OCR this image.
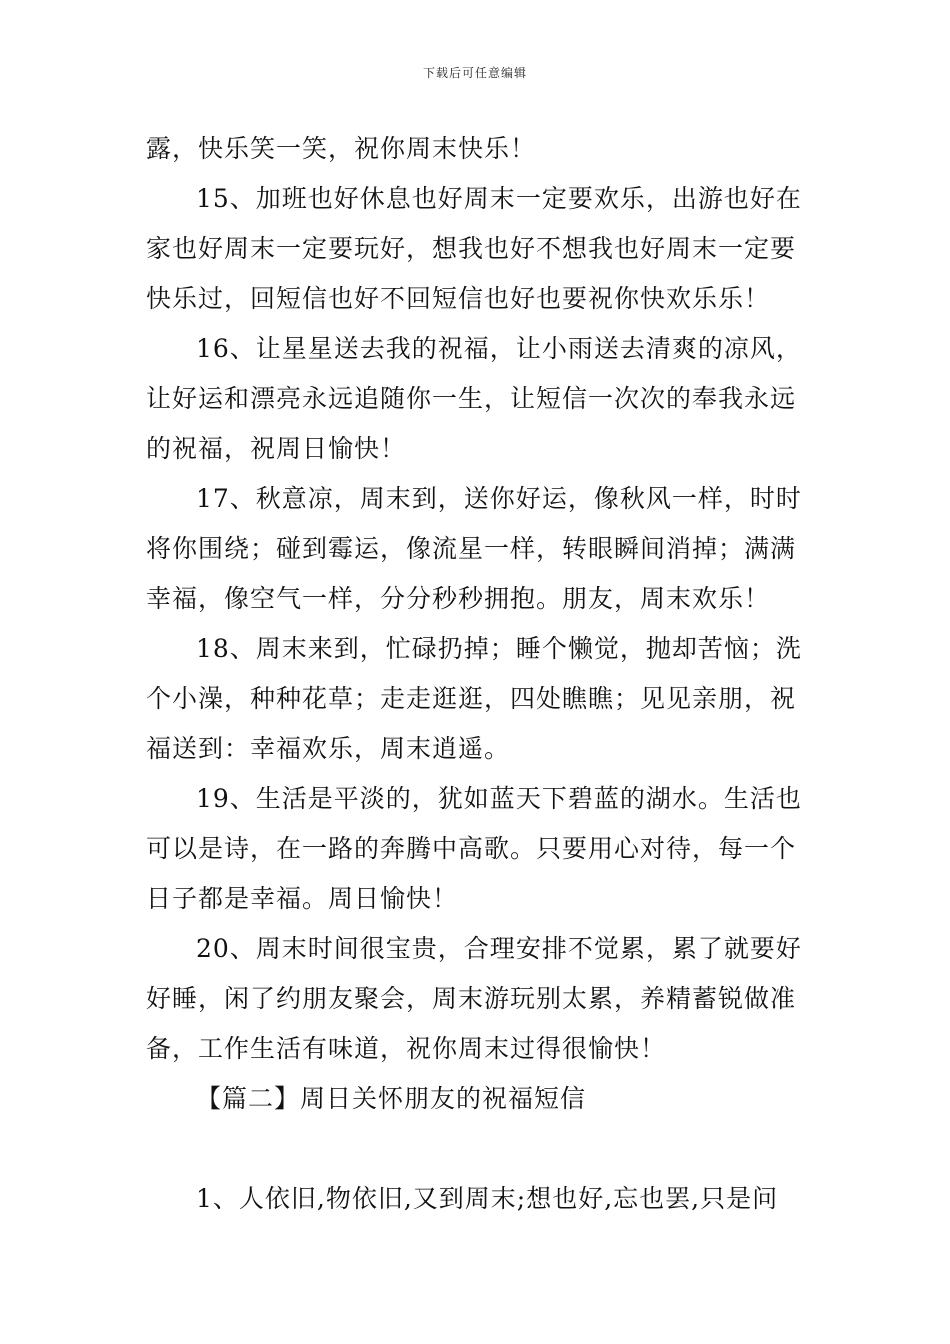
下载后可任意编辑
露，快乐笑一笑，祝你周末快乐！
15、加班也好休息也好周末一定要欢乐，出游也好在
家也好周末一定要玩好，想我也好不想我也好周末一定要
快乐过，回短信也好不回短信也好也要祝你快欢乐乐！
16、让星星送去我的祝福，让小雨送去清爽的凉风，
让好运和漂亮永远追随你一生，让短信一次次的奉我永远
的祝福，祝周日愉快！
17、秋意凉，周末到，送你好运，像秋风一样，时时
将你围绕；碰到霉运，像流星一样，转眼瞬间消掉；满满
幸福，像空气一样，分分秒秒拥抱。朋友，周末欢乐！
18、周末来到，忙碌扔掉；睡个懒觉，抛却苦恼；洗
个小澡，种种花草；走走逛逛，四处瞧瞧；见见亲朋，祝
福送到：幸福欢乐，周末逍遥。
19、生活是平淡的，犹如蓝天下碧蓝的湖水。生活也
可以是诗，在一路的奔腾中高歌。只要用心对待，每一个
日子都是幸福。周日愉快！
20、周末时间很宝贵，合理安排不觉累，累了就要好
好睡，闲了约朋友聚会，周末游玩别太累，养精蓄锐做准
备，工作生活有味道，祝你周末过得很愉快！
【篇二】周日关怀朋友的祝福短信
1、人依旧,物依旧,又到周末;想也好,忘也罢,只是问
